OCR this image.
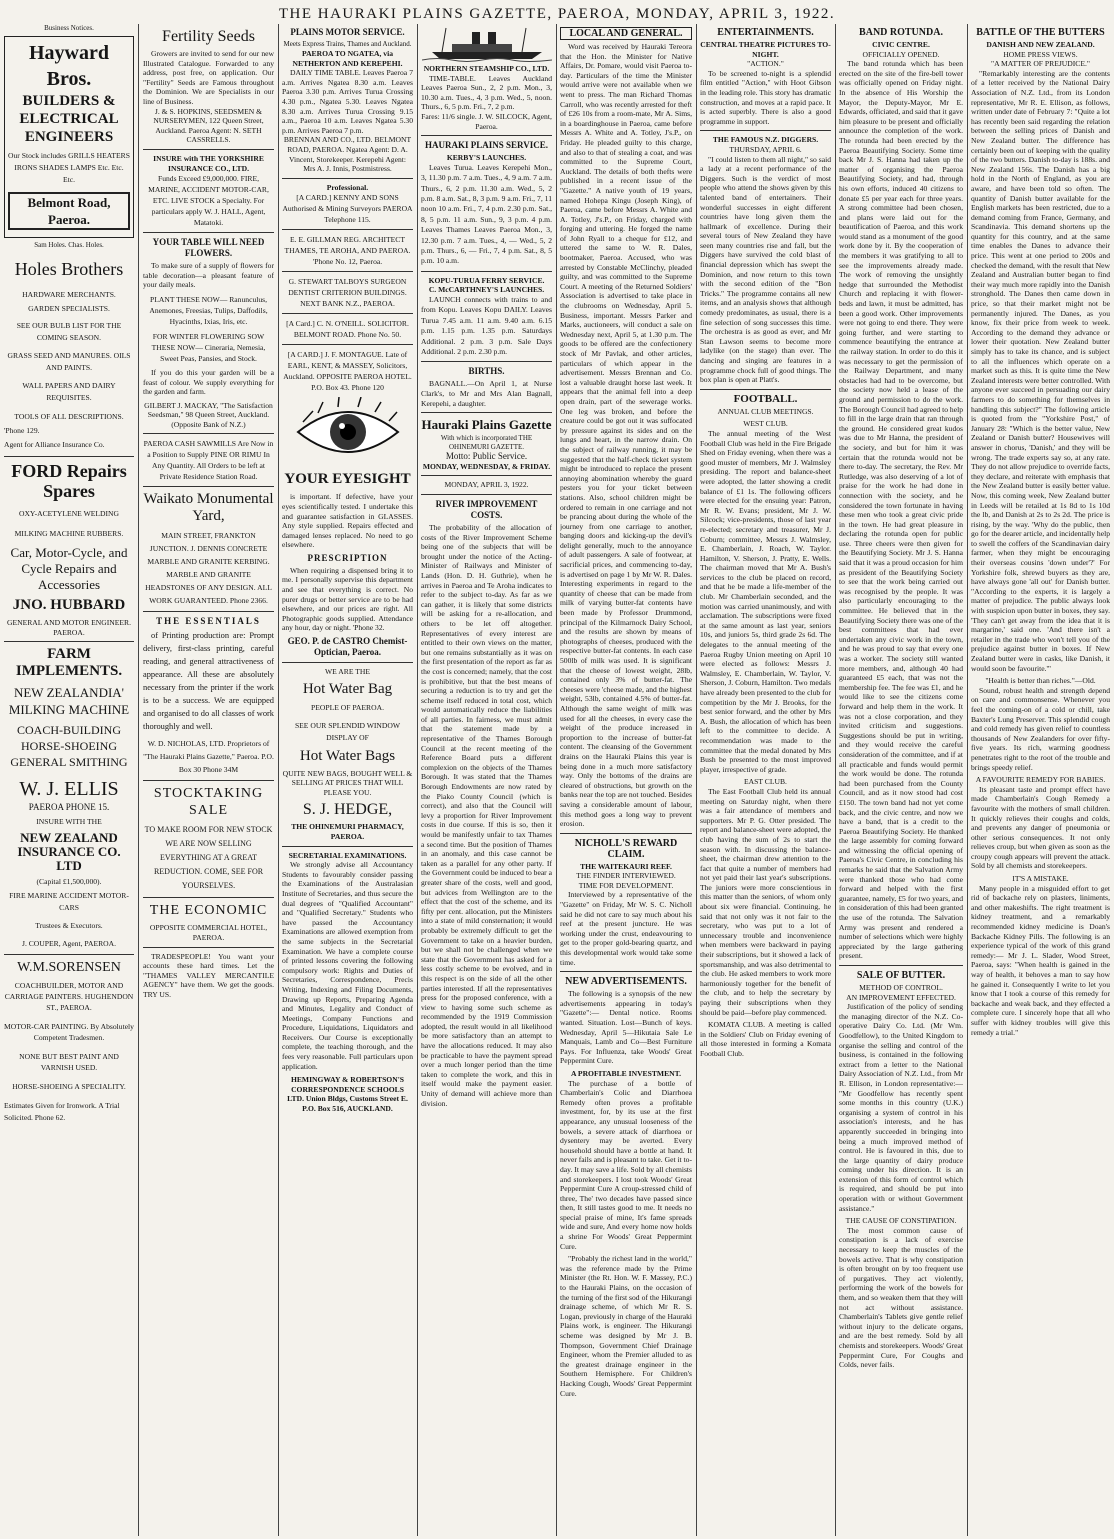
THE HAURAKI PLAINS GAZETTE, PAEROA, MONDAY, APRIL 3, 1922.
Business Notices.
Hayward Bros.
BUILDERS &
ELECTRICAL
ENGINEERS
Our Stock includes GRILLS HEATERS IRONS SHADES LAMPS Etc. Etc. Etc.
Belmont Road, Paeroa.
Sam Holes. Chas. Holes.
Holes Brothers
HARDWARE MERCHANTS.
GARDEN SPECIALISTS.
SEE OUR BULB LIST FOR THE COMING SEASON.
GRASS SEED AND MANURES. OILS AND PAINTS.
WALL PAPERS AND DAIRY REQUISITES.
TOOLS OF ALL DESCRIPTIONS.
'Phone 129.
Agent for Alliance Insurance Co.
FORD Repairs Spares
OXY-ACETYLENE WELDING
MILKING MACHINE RUBBERS.
Car, Motor-Cycle, and Cycle Repairs and Accessories
JNO. HUBBARD
GENERAL AND MOTOR ENGINEER. PAEROA.
FARM IMPLEMENTS.
NEW ZEALANDIA' MILKING MACHINE
COACH-BUILDING HORSE-SHOEING GENERAL SMITHING
W. J. ELLIS
PAEROA PHONE 15.
INSURE WITH THE
NEW ZEALAND INSURANCE CO. LTD
(Capital £1,500,000).
FIRE MARINE ACCIDENT MOTOR-CARS
Trustees & Executors.
J. COUPER, Agent, PAEROA.
W.M.SORENSEN
COACHBUILDER, MOTOR AND CARRIAGE PAINTERS. HUGHENDON ST., PAEROA.
MOTOR-CAR PAINTING. By Absolutely Competent Tradesmen.
NONE BUT BEST PAINT AND VARNISH USED.
HORSE-SHOEING A SPECIALITY.
Estimates Given for Ironwork. A Trial Solicited. Phone 62.
Fertility Seeds

Growers are invited to send for our new Illustrated Catalogue. Forwarded to any address, post free, on application. Our "Fertility" Seeds are Famous throughout the Dominion. We are Specialists in our line of Business.

J. & S. HOPKINS, SEEDSMEN & NURSERYMEN, 122 Queen Street, Auckland. Paeroa Agent: N. SETH CASSRELLS.
INSURE with THE YORKSHIRE INSURANCE CO., LTD.
Funds Exceed £9,000,000. FIRE, MARINE, ACCIDENT MOTOR-CAR, ETC. LIVE STOCK a Specialty. For particulars apply W. J. HALL, Agent, Matatoki.
YOUR TABLE WILL NEED FLOWERS.

To make sure of a supply of flowers for table decoration—a pleasant feature of your daily meals.

PLANT THESE NOW— Ranunculus, Anemones, Freesias, Tulips, Daffodils, Hyacinths, Ixias, Iris, etc.
FOR WINTER FLOWERING SOW THESE NOW— Cineraria, Nemesia, Sweet Peas, Pansies, and Stock.

If you do this your garden will be a feast of colour. We supply everything for the garden and farm.

GILBERT J. MACKAY, "The Satisfaction Seedsman," 98 Queen Street, Auckland. (Opposite Bank of N.Z.)
PAEROA CASH SAWMILLS Are Now in a Position to Supply PINE OR RIMU In Any Quantity. All Orders to be left at Private Residence Station Road.
Waikato Monumental Yard,
MAIN STREET, FRANKTON JUNCTION. J. DENNIS CONCRETE MARBLE AND GRANITE KERBING. MARBLE AND GRANITE HEADSTONES OF ANY DESIGN. ALL WORK GUARANTEED. Phone 2366.
THE ESSENTIALS

of Printing production are: Prompt delivery, first-class printing, careful reading, and general attractiveness of appearance. All these are absolutely necessary from the printer if the work is to be a success. We are equipped and organised to do all classes of work thoroughly and well.

W. D. NICHOLAS, LTD. Proprietors of "The Hauraki Plains Gazette," Paeroa. P.O. Box 30 Phone 34M
STOCKTAKING SALE
TO MAKE ROOM FOR NEW STOCK WE ARE NOW SELLING EVERYTHING AT A GREAT REDUCTION. COME, SEE FOR YOURSELVES.
THE ECONOMIC
OPPOSITE COMMERCIAL HOTEL, PAEROA.

TRADESPEOPLE! You want your accounts these hard times. Let the "THAMES VALLEY MERCANTILE AGENCY" have them. We get the goods. TRY US.

PLAINS MOTOR SERVICE.
Meets Express Trains, Thames and Auckland.
PAEROA TO NGATEA, via NETHERTON AND KEREPEHI.

DAILY TIME TABLE. Leaves Paeroa 7 a.m. Arrives Ngatea 8.30 a.m. Leaves Paeroa 3.30 p.m. Arrives Turua Crossing 4.30 p.m., Ngatea 5.30. Leaves Ngatea 8.30 a.m. Arrives Turua Crossing 9.15 a.m., Paeroa 10 a.m. Leaves Ngatea 5.30 p.m. Arrives Paeroa 7 p.m.

BRENNAN AND CO., LTD. BELMONT ROAD, PAEROA. Ngatea Agent: D. A. Vincent, Storekeeper. Kerepehi Agent: Mrs A. J. Innis, Postmistress.
Professional.
[A CARD.] KENNY AND SONS Authorised & Mining Surveyors PAEROA Telephone 115.
E. E. GILLMAN REG. ARCHITECT THAMES, TE AROHA, AND PAEROA. 'Phone No. 12, Paeroa.
G. STEWART TALBOYS SURGEON DENTIST CRITERION BUILDINGS. NEXT BANK N.Z., PAEROA.
[A Card.] C. N. O'NEILL. SOLICITOR. BELMONT ROAD. Phone No. 50.
[A CARD.] J. F. MONTAGUE. Late of EARL, KENT, & MASSEY, Solicitors, Auckland. OPPOSITE PAEROA HOTEL. P.O. Box 43. Phone 120
YOUR EYESIGHT

is important. If defective, have your eyes scientifically tested. I undertake this and guarantee satisfaction in GLASSES. Any style supplied. Repairs effected and damaged lenses replaced. No need to go elsewhere.

PRESCRIPTION

When requiring a dispensed bring it to me. I personally supervise this department and see that everything is correct. No purer drugs or better service are to be had elsewhere, and our prices are right. All Photographic goods supplied. Attendance any hour, day or night. 'Phone 32.

GEO. P. de CASTRO Chemist-Optician, Paeroa.
WE ARE THE
Hot Water Bag
PEOPLE OF PAEROA.
SEE OUR SPLENDID WINDOW DISPLAY OF
Hot Water Bags
QUITE NEW BAGS, BOUGHT WELL & SELLING AT PRICES THAT WILL PLEASE YOU.
S. J. HEDGE,
THE OHINEMURI PHARMACY, PAEROA.
SECRETARIAL EXAMINATIONS.

We strongly advise all Accountancy Students to favourably consider passing the Examinations of the Australasian Institute of Secretaries, and thus secure the dual degrees of "Qualified Accountant" and "Qualified Secretary." Students who have passed the Accountancy Examinations are allowed exemption from the same subjects in the Secretarial Examination. We have a complete course of printed lessons covering the following compulsory work: Rights and Duties of Secretaries, Correspondence, Precis Writing, Indexing and Filing Documents, Drawing up Reports, Preparing Agenda and Minutes, Legality and Conduct of Meetings, Company Functions and Procedure, Liquidations, Liquidators and Receivers. Our Course is exceptionally complete, the teaching thorough, and the fees very reasonable. Full particulars upon application.

HEMINGWAY & ROBERTSON'S CORRESPONDENCE SCHOOLS LTD. Union Bldgs, Customs Street E. P.O. Box 516, AUCKLAND.
NORTHERN STEAMSHIP CO., LTD.

TIME-TABLE. Leaves Auckland Leaves Paeroa Sun., 2, 2 p.m. Mon., 3, 10.30 a.m. Tues., 4, 3 p.m. Wed., 5, noon. Thurs., 6, 5 p.m. Fri., 7, 2 p.m.

Fares: 11/6 single. J. W. SILCOCK, Agent, Paeroa.
HAURAKI PLAINS SERVICE.
KERBY'S LAUNCHES.

Leaves Turua. Leaves Kerepehi Mon., 3, 11.30 p.m. 7 a.m. Tues., 4, 9 a.m. 7 a.m. Thurs., 6, 2 p.m. 11.30 a.m. Wed., 5, 2 p.m. 8 a.m. Sat., 8, 3 p.m. 9 a.m. Fri., 7, 11 noon 10 a.m. Fri., 7, 4 p.m. 2.30 p.m. Sat., 8, 5 p.m. 11 a.m. Sun., 9, 3 p.m. 4 p.m. Leaves Thames Leaves Paeroa Mon., 3, 12.30 p.m. 7 a.m. Tues., 4, — Wed., 5, 2 p.m. Thurs., 6, — Fri., 7, 4 p.m. Sat., 8, 5 p.m. 10 a.m.

KOPU-TURUA FERRY SERVICE.
C. McCARTHNEY'S LAUNCHES.

LAUNCH connects with trains to and from Kopu. Leaves Kopu DAILY. Leaves Turua 7.45 a.m. 11 a.m. 9.40 a.m. 6.15 p.m. 1.15 p.m. 1.35 p.m. Saturdays Additional. 2 p.m. 3 p.m. Sale Days Additional. 2 p.m. 2.30 p.m.

BIRTHS.

BAGNALL.—On April 1, at Nurse Clark's, to Mr and Mrs Alan Bagnall, Kerepehi, a daughter.

Hauraki Plains Gazette
With which is incorporated THE OHINEMURI GAZETTE.
Motto: Public Service.
MONDAY, WEDNESDAY, & FRIDAY.
MONDAY, APRIL 3, 1922.
RIVER IMPROVEMENT COSTS.

The probability of the allocation of costs of the River Improvement Scheme being one of the subjects that will be brought under the notice of the Acting-Minister of Railways and Minister of Lands (Hon. D. H. Guthrie), when he arrives in Paeroa and Te Aroha indicates to refer to the subject to-day. As far as we can gather, it is likely that some districts will be asking for a re-allocation, and others to be let off altogether. Representatives of every interest are entitled to their own views on the matter, but one remains substantially as it was on the first presentation of the report as far as the cost is concerned; namely, that the cost is prohibitive, but that the best means of securing a reduction is to try and get the scheme itself reduced in total cost, which would automatically reduce the liabilities of all parties. In fairness, we must admit that the statement made by a representative of the Thames Borough Council at the recent meeting of the Reference Board puts a different complexion on the objects of the Thames Borough. It was stated that the Thames Borough Endowments are now rated by the Piako County Council (which is correct), and also that the Council will levy a proportion for River Improvement costs in due course. If this is so, then it would be manifestly unfair to tax Thames a second time. But the position of Thames in an anomaly, and this case cannot be taken as a parallel for any other party. If the Government could be induced to bear a greater share of the costs, well and good, but advices from Wellington are to the effect that the cost of the scheme, and its fifty per cent. allocation, put the Ministers into a state of mild consternation; it would probably be extremely difficult to get the Government to take on a heavier burden, but we shall not be challenged when we state that the Government has asked for a less costly scheme to be evolved, and in this respect is on the side of all the other parties interested. If all the representatives press for the proposed conference, with a view to having some such scheme as recommended by the 1919 Commission adopted, the result would in all likelihood be more satisfactory than an attempt to have the allocations reduced. It may also be practicable to have the payment spread over a much longer period than the time taken to complete the work, and this in itself would make the payment easier. Unity of demand will achieve more than division.

LOCAL AND GENERAL.

Word was received by Hauraki Tereora that the Hon. the Minister for Native Affairs, Dr. Pomare, would visit Paeroa to-day. Particulars of the time the Minister would arrive were not available when we went to press. The man Richard Thomas Carroll, who was recently arrested for theft of £26 10s from a room-mate, Mr A. Sims, in a boardinghouse in Paeroa, came before Messrs A. White and A. Totley, J's.P., on Friday. He pleaded guilty to this charge, and also to that of stealing a coat, and was committed to the Supreme Court, Auckland. The details of both thefts were published in a recent issue of the "Gazette." A native youth of 19 years, named Hohepa Kingu (Joseph King), of Paeroa, came before Messrs A. White and A. Totley, J's.P., on Friday, charged with forging and uttering. He forged the name of John Ryall to a cheque for £12, and uttered the same to W. R. Dales, bootmaker, Paeroa. Accused, who was arrested by Constable McClinchy, pleaded guilty, and was committed to the Supreme Court. A meeting of the Returned Soldiers' Association is advertised to take place in the clubrooms on Wednesday, April 5. Business, important. Messrs Parker and Marks, auctioneers, will conduct a sale on Wednesday next, April 5, at 1.30 p.m. The goods to be offered are the confectionery stock of Mr Pavlak, and other articles, particulars of which appear in the advertisement. Messrs Brennan and Co. lost a valuable draught horse last week. It appears that the animal fell into a deep open drain, part of the sewerage works. One leg was broken, and before the creature could be got out it was suffocated by pressure against its sides and on the lungs and heart, in the narrow drain. On the subject of railway running, it may be suggested that the half-check ticket system might be introduced to replace the present annoying abomination whereby the guard pesters you for your ticket between stations. Also, school children might be ordered to remain in one carriage and not be prancing about during the whole of the journey from one carriage to another, banging doors and kicking-up the devil's delight generally, much to the annoyance of adult passengers. A sale of footwear, at sacrificial prices, and commencing to-day, is advertised on page 1 by Mr W. R. Dales. Interesting experiments in regard to the quantity of cheese that can be made from milk of varying butter-fat contents have been made by Professor Drummond, principal of the Kilmarnock Dairy School, and the results are shown by means of photographs of cheeses, produced with the respective butter-fat contents. In each case 500lb of milk was used. It is significant that the cheese of lowest weight, 28lb, contained only 3% of butter-fat. The cheeses were 'cheese made, and the highest weight, 53lb, contained 4.5% of butter-fat. Although the same weight of milk was used for all the cheeses, in every case the weight of the produce increased in proportion to the increase of butter-fat content. The cleansing of the Government drains on the Hauraki Plains this year is being done in a much more satisfactory way. Only the bottoms of the drains are cleared of obstructions, but growth on the banks near the top are not touched. Besides saving a considerable amount of labour, this method goes a long way to prevent erosion.

NICHOLL'S REWARD CLAIM.
THE WAITEKAURI REEF.
THE FINDER INTERVIEWED.
TIME FOR DEVELOPMENT.

Interviewed by a representative of the "Gazette" on Friday, Mr W. S. C. Nicholl said he did not care to say much about his reef at the present juncture. He was working under the crust, endeavouring to get to the proper gold-bearing quartz, and this developmental work would take some time.

NEW ADVERTISEMENTS.

The following is a synopsis of the new advertisements appearing in today's "Gazette":— Dental notice. Rooms wanted. Situation. Lost—Bunch of keys. Wednesday, April 5—Hikutaia Sale Le Manquais, Lamb and Co—Best Furniture Pays. For Influenza, take Woods' Great Peppermint Cure.

A PROFITABLE INVESTMENT.

The purchase of a bottle of Chamberlain's Colic and Diarrhoea Remedy often proves a profitable investment, for, by its use at the first appearance, any unusual looseness of the bowels, a severe attack of diarrhoea or dysentery may be averted. Every household should have a bottle at hand. It never fails and is pleasant to take. Get it to-day. It may save a life. Sold by all chemists and storekeepers. I lost took Woods' Great Peppermint Cure A croup-stressed child of three, The' two decades have passed since then, It still tastes good to me. It needs no special praise of mine, It's fame spreads wide and sure, And every home now holds a shrine For Woods' Great Peppermint Cure.

"Probably the richest land in the world," was the reference made by the Prime Minister (the Rt. Hon. W. F. Massey, P.C.) to the Hauraki Plains, on the occasion of the turning of the first sod of the Hikurangi drainage scheme, of which Mr R. S. Logan, previously in charge of the Hauraki Plains work, is engineer. The Hikurangi scheme was designed by Mr J. B. Thompson, Government Chief Drainage Engineer, whom the Premier alluded to as the greatest drainage engineer in the Southern Hemisphere. For Children's Hacking Cough, Woods' Great Peppermint Cure.

ENTERTAINMENTS.
CENTRAL THEATRE PICTURES TO-NIGHT.
"ACTION."

To be screened to-night is a splendid film entitled "Action," with Hoot Gibson in the leading role. This story has dramatic construction, and moves at a rapid pace. It is acted superbly. There is also a good programme in support.

THE FAMOUS N.Z. DIGGERS.
THURSDAY, APRIL 6.

"I could listen to them all night," so said a lady at a recent performance of the Diggers. Such is the verdict of most people who attend the shows given by this talented band of entertainers. Their wonderful successes in eight different countries have long given them the hallmark of excellence. During their several tours of New Zealand they have seen many countries rise and fall, but the Diggers have survived the cold blast of financial depression which has swept the Dominion, and now return to this town with the second edition of the "Bon Tricks." The programme contains all new items, and an analysis shows that although comedy predominates, as usual, there is a fine selection of song successes this time. The orchestra is as good as ever, and Mr Stan Lawson seems to become more ladylike (on the stage) than ever. The dancing and singing are features in a programme chock full of good things. The box plan is open at Platt's.

FOOTBALL.
ANNUAL CLUB MEETINGS.
WEST CLUB.

The annual meeting of the West Football Club was held in the Fire Brigade Shed on Friday evening, when there was a good muster of members, Mr J. Walmsley presiding. The report and balance-sheet were adopted, the latter showing a credit balance of £1 1s. The following officers were elected for the ensuing year: Patron, Mr R. W. Evans; president, Mr J. W. Silcock; vice-presidents, those of last year re-elected; secretary and treasurer, Mr J. Coburn; committee, Messrs J. Walmsley, E. Chamberlain, J. Roach, W. Taylor. Hamilton, V. Sherson, J. Pratty, E. Wells. The chairman moved that Mr A. Bush's services to the club be placed on record, and that he be made a life-member of the club. Mr Chamberlain seconded, and the motion was carried unanimously, and with acclamation. The subscriptions were fixed at the same amount as last year, seniors 10s, and juniors 5s, third grade 2s 6d. The delegates to the annual meeting of the Paeroa Rugby Union meeting on April 10 were elected as follows: Messrs J. Walmsley, E. Chamberlain, W. Taylor, V. Sherson, J. Coburn, Hamilton. Two medals have already been presented to the club for competition by the Mr J. Brooks, for the best senior forward, and the other by Mrs A. Bush, the allocation of which has been left to the committee to decide. A recommendation was made to the committee that the medal donated by Mrs Bush be presented to the most improved player, irrespective of grade.

EAST CLUB.

The East Football Club held its annual meeting on Saturday night, when there was a fair attendance of members and supporters. Mr P. G. Otter presided. The report and balance-sheet were adopted, the club having the sum of 2s to start the season with. In discussing the balance-sheet, the chairman drew attention to the fact that quite a number of members had not yet paid their last year's subscriptions. The juniors were more conscientious in this matter than the seniors, of whom only about six were financial. Continuing, he said that not only was it not fair to the secretary, who was put to a lot of unnecessary trouble and inconvenience when members were backward in paying their subscriptions, but it showed a lack of sportsmanship, and was also detrimental to the club. He asked members to work more harmoniously together for the benefit of the club, and to help the secretary by paying their subscriptions when they should be paid—before play commenced.

KOMATA CLUB. A meeting is called in the Soldiers' Club on Friday evening of all those interested in forming a Komata Football Club.

BAND ROTUNDA.
CIVIC CENTRE.
OFFICIALLY OPENED.

The band rotunda which has been erected on the site of the fire-bell tower was officially opened on Friday night. In the absence of His Worship the Mayor, the Deputy-Mayor, Mr E. Edwards, officiated, and said that it gave him pleasure to be present and officially announce the completion of the work. The rotunda had been erected by the Paeroa Beautifying Society. Some time back Mr J. S. Hanna had taken up the matter of organising the Paeroa Beautifying Society, and had, through his own efforts, induced 40 citizens to donate £5 per year each for three years. A strong committee had been chosen, and plans were laid out for the beautification of Paeroa, and this work would stand as a monument of the good work done by it. By the cooperation of the members it was gratifying to all to see the improvements already made. The work of removing the unsightly hedge that surrounded the Methodist Church and replacing it with flower-beds and lawn, it must be admitted, has been a good work. Other improvements were not going to end there. They were going further, and were starting to commence beautifying the entrance at the railway station. In order to do this it was necessary to get the permission of the Railway Department, and many obstacles had had to be overcome, but the society now held a lease of the ground and permission to do the work. The Borough Council had agreed to help to fill in the large drain that ran through the ground. He considered great kudos was due to Mr Hanna, the president of the society, and but for him it was certain that the rotunda would not be there to-day. The secretary, the Rev. Mr Rutledge, was also deserving of a lot of praise for the work he had done in connection with the society, and he considered the town fortunate in having these men who took a great civic pride in the town. He had great pleasure in declaring the rotunda open for public use. Three cheers were then given for the Beautifying Society. Mr J. S. Hanna said that it was a proud occasion for him as president of the Beautifying Society to see that the work being carried out was recognised by the people. It was also particularly encouraging to the committee. He believed that in the Beautifying Society there was one of the best committees that had ever undertaken any civic work in the town, and he was proud to say that every one was a worker. The society still wanted more members, and, although 40 had guaranteed £5 each, that was not the membership fee. The fee was £1, and he would like to see the citizens come forward and help them in the work. It was not a close corporation, and they invited criticism and suggestions. Suggestions should be put in writing, and they would receive the careful consideration of the committee, and if at all practicable and funds would permit the work would be done. The rotunda had been purchased from the County Council, and as it now stood had cost £150. The town band had not yet come back, and the civic centre, and now we have a band, that is a credit to the Paeroa Beautifying Society. He thanked the large assembly for coming forward and witnessing the official opening of Paeroa's Civic Centre, in concluding his remarks he said that the Salvation Army were thanked those who had come forward and helped with the first guarantee, namely, £5 for two years, and in consideration of this had been granted the use of the rotunda. The Salvation Army was present and rendered a number of selections which were highly appreciated by the large gathering present.

SALE OF BUTTER.
METHOD OF CONTROL.
AN IMPROVEMENT EFFECTED.

Justification of the policy of sending the managing director of the N.Z. Co-operative Dairy Co. Ltd. (Mr Wm. Goodfellow), to the United Kingdom to organise the selling and control of the business, is contained in the following extract from a letter to the National Dairy Association of N.Z. Ltd., from Mr R. Ellison, in London representative:— "Mr Goodfellow has recently spent some months in this country (U.K.) organising a system of control in his association's interests, and he has apparently succeeded in bringing into being a much improved method of control. He is favoured in this, due to the large quantity of dairy produce coming under his direction. It is an extension of this form of control which is required, and should be put into operation with or without Government assistance."

THE CAUSE OF CONSTIPATION.

The most common cause of constipation is a lack of exercise necessary to keep the muscles of the bowels active. That is why constipation is often brought on by too frequent use of purgatives. They act violently, performing the work of the bowels for them, and so weaken them that they will not act without assistance. Chamberlain's Tablets give gentle relief without injury to the delicate organs, and are the best remedy. Sold by all chemists and storekeepers. Woods' Great Peppermint Cure, For Coughs and Colds, never fails.

BATTLE OF THE BUTTERS
DANISH AND NEW ZEALAND.
HOME PRESS VIEWS.
"A MATTER OF PREJUDICE."

"Remarkably interesting are the contents of a letter received by the National Dairy Association of N.Z. Ltd., from its London representative, Mr R. E. Ellison, as follows, written under date of February 7: "Quite a lot has recently been said regarding the relation between the selling prices of Danish and New Zealand butter. The difference has certainly been out of keeping with the quality of the two butters. Danish to-day is 188s. and New Zealand 156s. The Danish has a big hold in the North of England, as you are aware, and have been told so often. The quantity of Danish butter available for the English markets has been restricted, due to a demand coming from France, Germany, and Scandinavia. This demand shortens up the quantity for this country, and at the same time enables the Danes to advance their price. This went at one period to 200s and checked the demand, with the result that New Zealand and Australian butter began to find their way much more rapidly into the Danish stronghold. The Danes then came down in price, so that their market might not be permanently injured. The Danes, as you know, fix their price from week to week. According to the demand they advance or lower their quotation. New Zealand butter simply has to take its chance, and is subject to all the influences which operate on a market such as this. It is quite time the New Zealand interests were better controlled. With anyone ever succeed in persuading our dairy farmers to do something for themselves in handling this subject?" The following article is quoted from the "Yorkshire Post," of January 28: "Which is the better value, New Zealand or Danish butter? Housewives will answer in chorus, 'Danish,' and they will be wrong. The trade experts say so, at any rate. They do not allow prejudice to override facts, they declare, and reiterate with emphasis that the New Zealand butter is easily better value. Now, this coming week, New Zealand butter in Leeds will be retailed at 1s 8d to 1s 10d the lb, and Danish at 2s to 2s 2d. The price is rising, by the way. 'Why do the public, then go for the dearer article, and incidentally help to swell the coffers of the Scandinavian dairy farmer, when they might be encouraging their overseas cousins 'down under'?' For Yorkshire folk, shrewd buyers as they are, have always gone 'all out' for Danish butter. "According to the experts, it is largely a matter of prejudice. The public always look with suspicion upon butter in boxes, they say. 'They can't get away from the idea that it is margarine,' said one. 'And there isn't a retailer in the trade who won't tell you of the prejudice against butter in boxes. If New Zealand butter were in casks, like Danish, it would soon be favourite.'"

"Health is better than riches."—Old.

Sound, robust health and strength depend on care and commonsense. Whenever you feel the coming-on of a cold or chill, take Baxter's Lung Preserver. This splendid cough and cold remedy has given relief to countless thousands of New Zealanders for over fifty-five years. Its rich, warming goodness penetrates right to the root of the trouble and brings speedy relief.

A FAVOURITE REMEDY FOR BABIES.

Its pleasant taste and prompt effect have made Chamberlain's Cough Remedy a favourite with the mothers of small children. It quickly relieves their coughs and colds, and prevents any danger of pneumonia or other serious consequences. It not only relieves croup, but when given as soon as the croupy cough appears will prevent the attack. Sold by all chemists and storekeepers.

IT'S A MISTAKE.

Many people in a misguided effort to get rid of backache rely on plasters, liniments, and other makeshifts. The right treatment is kidney treatment, and a remarkably recommended kidney medicine is Doan's Backache Kidney Pills. The following is an experience typical of the work of this grand remedy:— Mr J. L. Slader, Wood Street, Paeroa, says: "When health is gained in the way of health, it behoves a man to say how he gained it. Consequently I write to let you know that I took a course of this remedy for backache and weak back, and they effected a complete cure. I sincerely hope that all who suffer with kidney troubles will give this remedy a trial."
